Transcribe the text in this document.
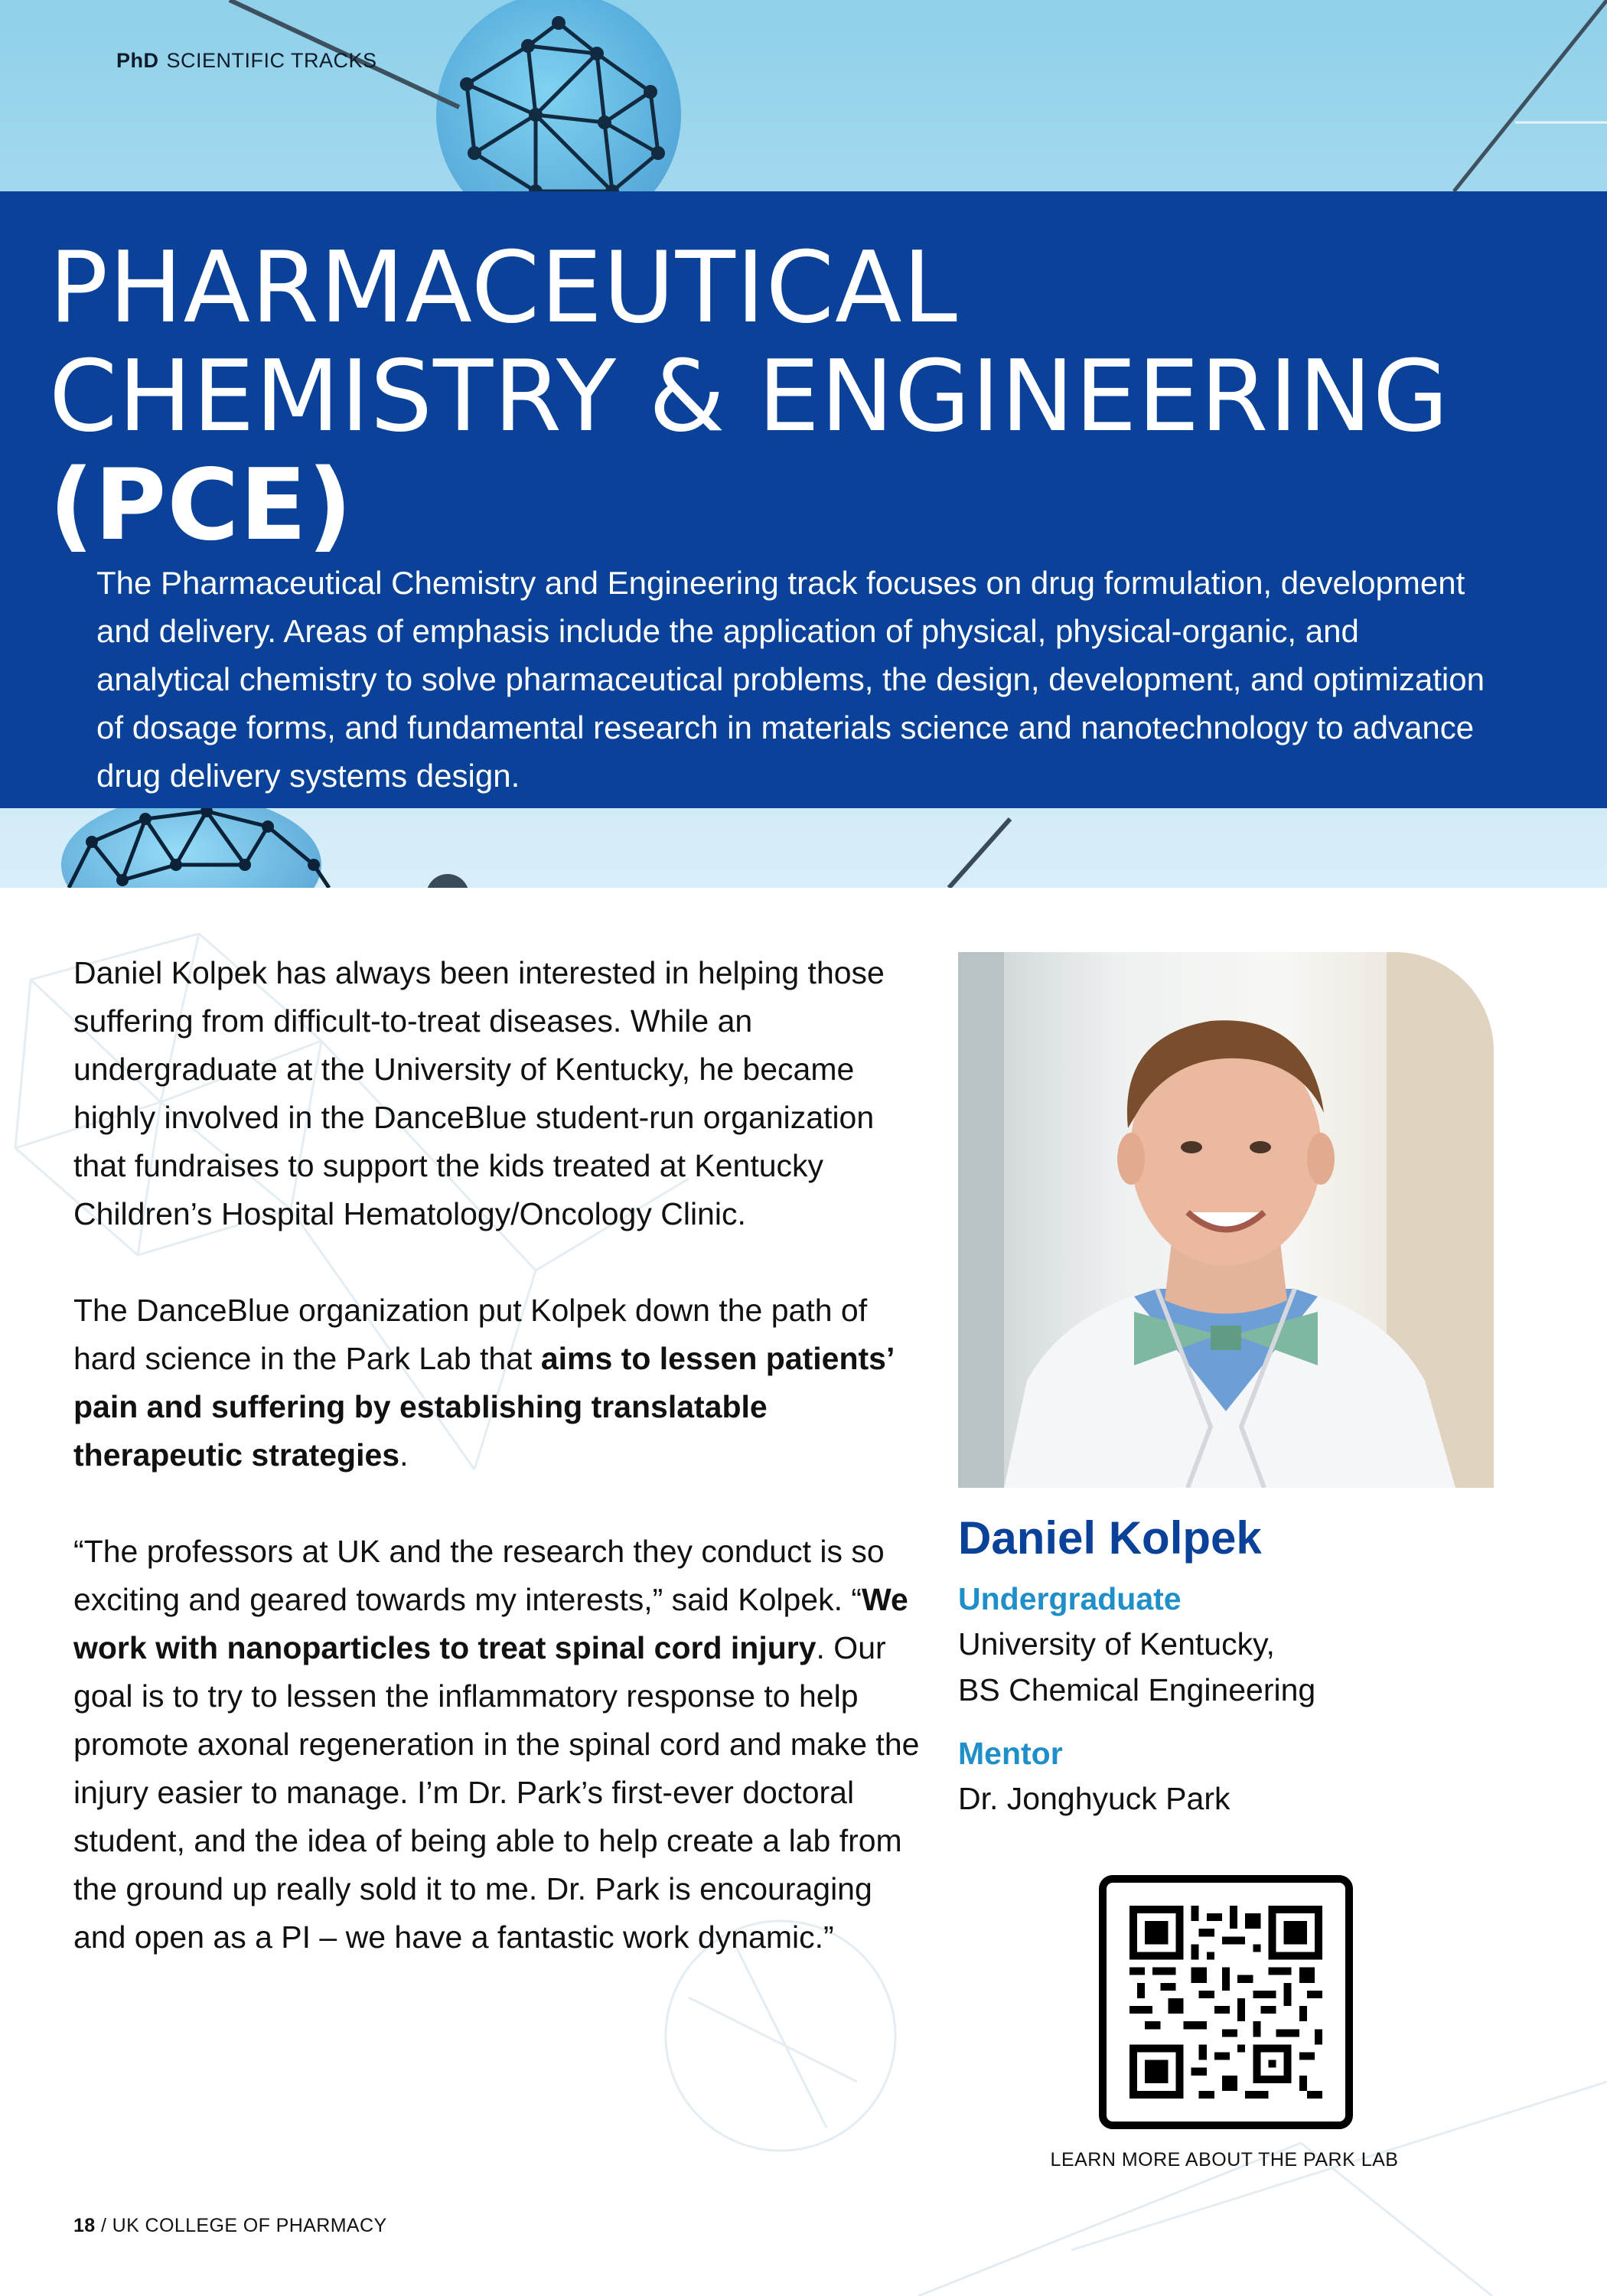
PhD SCIENTIFIC TRACKS
PHARMACEUTICAL
CHEMISTRY & ENGINEERING
(PCE)

The Pharmaceutical Chemistry and Engineering track focuses on drug formulation, development and delivery. Areas of emphasis include the application of physical, physical-organic, and analytical chemistry to solve pharmaceutical problems, the design, development, and optimization of dosage forms, and fundamental research in materials science and nanotechnology to advance drug delivery systems design.

Daniel Kolpek has always been interested in helping those suffering from difficult-to-treat diseases. While an undergraduate at the University of Kentucky, he became highly involved in the DanceBlue student-run organization that fundraises to support the kids treated at Kentucky Children’s Hospital Hematology/Oncology Clinic.

The DanceBlue organization put Kolpek down the path of hard science in the Park Lab that aims to lessen patients’ pain and suffering by establishing translatable therapeutic strategies.

“The professors at UK and the research they conduct is so exciting and geared towards my interests,” said Kolpek. “We work with nanoparticles to treat spinal cord injury. Our goal is to try to lessen the inflammatory response to help promote axonal regeneration in the spinal cord and make the injury easier to manage. I’m Dr. Park’s first-ever doctoral student, and the idea of being able to help create a lab from the ground up really sold it to me. Dr. Park is encouraging and open as a PI – we have a fantastic work dynamic.”

Daniel Kolpek
Undergraduate
University of Kentucky,
BS Chemical Engineering
Mentor
Dr. Jonghyuck Park
LEARN MORE ABOUT THE PARK LAB
18 / UK COLLEGE OF PHARMACY
